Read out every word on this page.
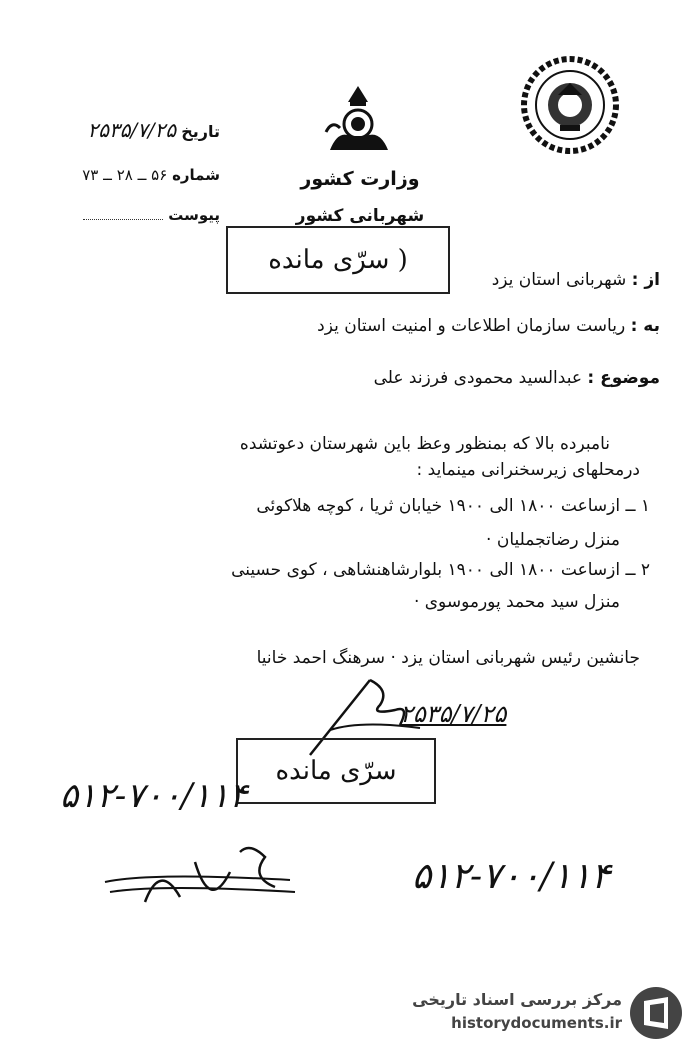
وزارت کشور
شهربانی کشور
تاریخ ۲۵۳۵/۷/۲۵
شماره ۵۶ ــ ۲۸ ــ ۷۳
پیوست
( سرّی مانده
از : شهربانی استان یزد
به : ریاست سازمان اطلاعات و امنیت استان یزد
موضوع : عبدالسید محمودی فرزند علی
نامبرده بالا که بمنظور وعظ باین شهرستان دعوتشده
درمحلهای زیرسخنرانی مینماید :
۱ ــ ازساعت ۱۸۰۰ الی ۱۹۰۰ خیابان ثریا ، کوچه هلاکوئی
منزل رضاتجملیان ·
۲ ــ ازساعت ۱۸۰۰ الی ۱۹۰۰ بلوارشاهنشاهی ، کوی حسینی
منزل سید محمد پورموسوی ·
جانشین رئیس شهربانی استان یزد · سرهنگ احمد خانیا
۲۵۳۵/۷/۲۵
سرّی مانده
۵۱۲-۷۰۰/۱۱۴
۵۱۲-۷۰۰/۱۱۴
مرکز بررسی اسناد تاریخی
historydocuments.ir
